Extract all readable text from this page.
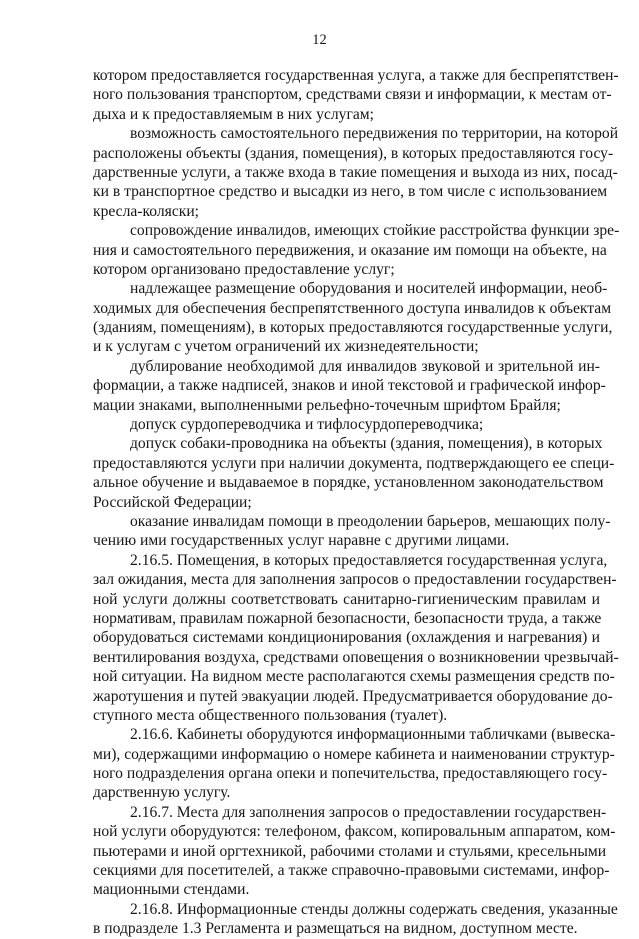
12
котором предоставляется государственная услуга, а также для беспрепятствен-
ного пользования транспортом, средствами связи и информации, к местам от-
дыха и к предоставляемым в них услугам;
возможность самостоятельного передвижения по территории, на которой
расположены объекты (здания, помещения), в которых предоставляются госу-
дарственные услуги, а также входа в такие помещения и выхода из них, посад-
ки в транспортное средство и высадки из него, в том числе с использованием
кресла-коляски;
сопровождение инвалидов, имеющих стойкие расстройства функции зре-
ния и самостоятельного передвижения, и оказание им помощи на объекте, на
котором организовано предоставление услуг;
надлежащее размещение оборудования и носителей информации, необ-
ходимых для обеспечения беспрепятственного доступа инвалидов к объектам
(зданиям, помещениям), в которых предоставляются государственные услуги,
и к услугам с учетом ограничений их жизнедеятельности;
дублирование необходимой для инвалидов звуковой и зрительной ин-
формации, а также надписей, знаков и иной текстовой и графической инфор-
мации знаками, выполненными рельефно-точечным шрифтом Брайля;
допуск сурдопереводчика и тифлосурдопереводчика;
допуск собаки-проводника на объекты (здания, помещения), в которых
предоставляются услуги при наличии документа, подтверждающего ее специ-
альное обучение и выдаваемое в порядке, установленном законодательством
Российской Федерации;
оказание инвалидам помощи в преодолении барьеров, мешающих полу-
чению ими государственных услуг наравне с другими лицами.
2.16.5. Помещения, в которых предоставляется государственная услуга,
зал ожидания, места для заполнения запросов о предоставлении государствен-
ной услуги должны соответствовать санитарно-гигиеническим правилам и
нормативам, правилам пожарной безопасности, безопасности труда, а также
оборудоваться системами кондиционирования (охлаждения и нагревания) и
вентилирования воздуха, средствами оповещения о возникновении чрезвычай-
ной ситуации. На видном месте располагаются схемы размещения средств по-
жаротушения и путей эвакуации людей. Предусматривается оборудование до-
ступного места общественного пользования (туалет).
2.16.6. Кабинеты оборудуются информационными табличками (вывеска-
ми), содержащими информацию о номере кабинета и наименовании структур-
ного подразделения органа опеки и попечительства, предоставляющего госу-
дарственную услугу.
2.16.7. Места для заполнения запросов о предоставлении государствен-
ной услуги оборудуются: телефоном, факсом, копировальным аппаратом, ком-
пьютерами и иной оргтехникой, рабочими столами и стульями, кресельными
секциями для посетителей, а также справочно-правовыми системами, инфор-
мационными стендами.
2.16.8. Информационные стенды должны содержать сведения, указанные
в подразделе 1.3 Регламента и размещаться на видном, доступном месте.
